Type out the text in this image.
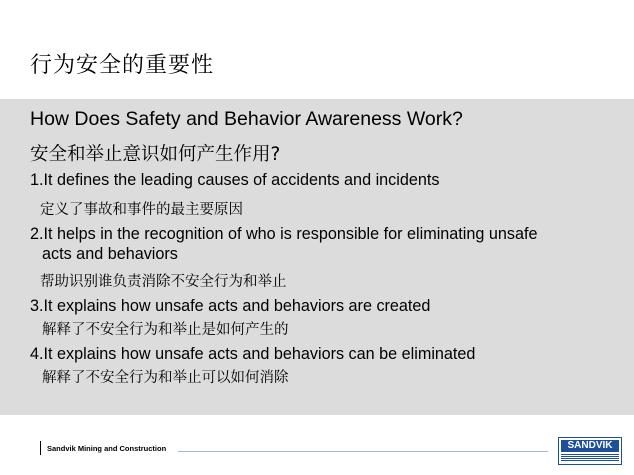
行为安全的重要性
How Does Safety and Behavior Awareness Work?
安全和举止意识如何产生作用?
1.It defines the leading causes of accidents and incidents
定义了事故和事件的最主要原因
2.It helps in the recognition of who is responsible for eliminating unsafe
acts and behaviors
帮助识别谁负责消除不安全行为和举止
3.It explains how unsafe acts and behaviors are created
解释了不安全行为和举止是如何产生的
4.It explains how unsafe acts and behaviors can be eliminated
解释了不安全行为和举止可以如何消除
Sandvik Mining and Construction	SANDVIK
